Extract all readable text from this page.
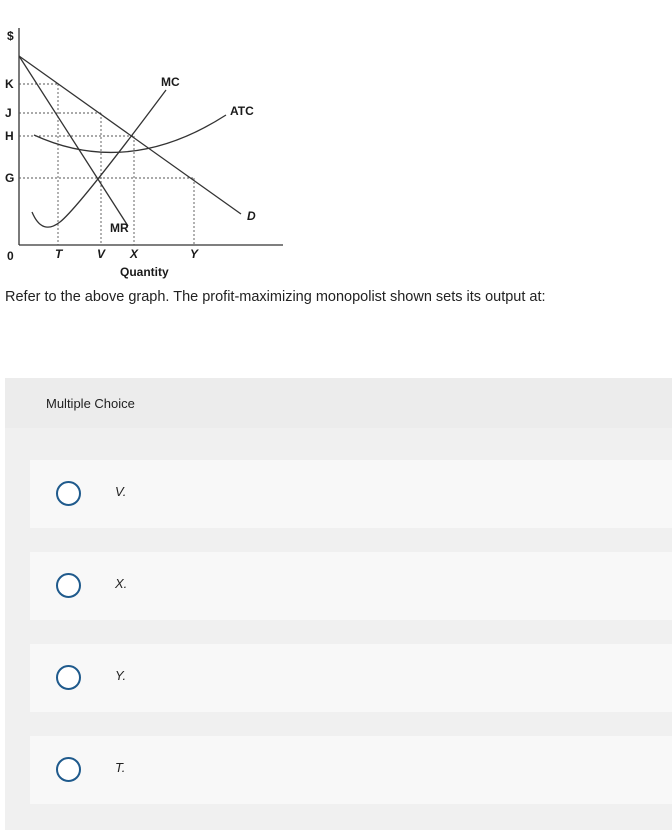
$
K
J
H
G
0	T	V X	Y
Quantity
MC
ATC
MR
D
Refer to the above graph. The profit-maximizing monopolist shown sets its output at:
Multiple Choice
V.
X.
Y.
T.
